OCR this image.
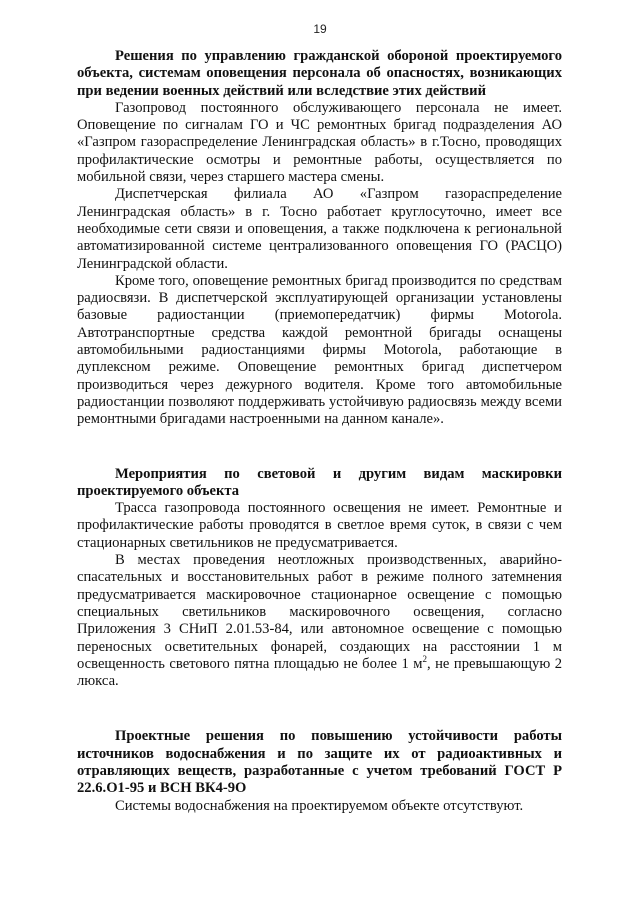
19

Решения по управлению гражданской обороной проектируемого объекта, системам оповещения персонала об опасностях, возникающих при ведении военных действий или вследствие этих действий

Газопровод постоянного обслуживающего персонала не имеет. Оповещение по сигналам ГО и ЧС ремонтных бригад подразделения АО «Газпром газораспределение Ленинградская область» в г.Тосно, проводящих профилактические осмотры и ремонтные работы, осуществляется по мобильной связи, через старшего мастера смены.

Диспетчерская филиала АО «Газпром газораспределение Ленинградская область» в г. Тосно работает круглосуточно, имеет все необходимые сети связи и оповещения, а также подключена к региональной автоматизированной системе централизованного оповещения ГО (РАСЦО) Ленинградской области.

Кроме того, оповещение ремонтных бригад производится по средствам радиосвязи. В диспетчерской эксплуатирующей организации установлены базовые радиостанции (приемопередатчик) фирмы Motorola. Автотранспортные средства каждой ремонтной бригады оснащены автомобильными радиостанциями фирмы Motorola, работающие в дуплексном режиме. Оповещение ремонтных бригад диспетчером производиться через дежурного водителя. Кроме того автомобильные радиостанции позволяют поддерживать устойчивую радиосвязь между всеми ремонтными бригадами настроенными на данном канале».

Мероприятия по световой и другим видам маскировки проектируемого объекта

Трасса газопровода постоянного освещения не имеет. Ремонтные и профилактические работы проводятся в светлое время суток, в связи с чем стационарных светильников не предусматривается.

В местах проведения неотложных производственных, аварийно-спасательных и восстановительных работ в режиме полного затемнения предусматривается маскировочное стационарное освещение с помощью специальных светильников маскировочного освещения, согласно Приложения 3 СНиП 2.01.53-84, или автономное освещение с помощью переносных осветительных фонарей, создающих на расстоянии 1 м освещенность светового пятна площадью не более 1 $м^2$, не превышающую 2 люкса.

Проектные решения по повышению устойчивости работы источников водоснабжения и по защите их от радиоактивных и отравляющих веществ, разработанные с учетом требований ГОСТ Р 22.6.О1-95 и ВСН ВК4-9О

Системы водоснабжения на проектируемом объекте отсутствуют.
